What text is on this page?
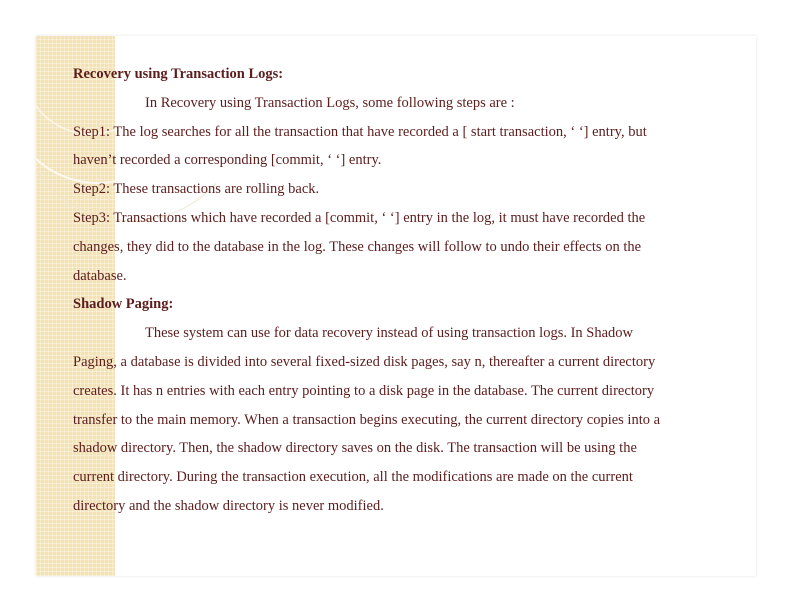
Recovery using Transaction Logs:
In Recovery using Transaction Logs, some following steps are :
Step1: The log searches for all the transaction that have recorded a [ start transaction, ‘ ‘] entry, but
haven’t recorded a corresponding [commit, ‘ ‘] entry.
Step2: These transactions are rolling back.
Step3: Transactions which have recorded a [commit, ‘ ‘] entry in the log, it must have recorded the
changes, they did to the database in the log. These changes will follow to undo their effects on the
database.
Shadow Paging:
These system can use for data recovery instead of using transaction logs. In Shadow
Paging, a database is divided into several fixed-sized disk pages, say n, thereafter a current directory
creates. It has n entries with each entry pointing to a disk page in the database. The current directory
transfer to the main memory. When a transaction begins executing, the current directory copies into a
shadow directory. Then, the shadow directory saves on the disk. The transaction will be using the
current directory. During the transaction execution, all the modifications are made on the current
directory and the shadow directory is never modified.
